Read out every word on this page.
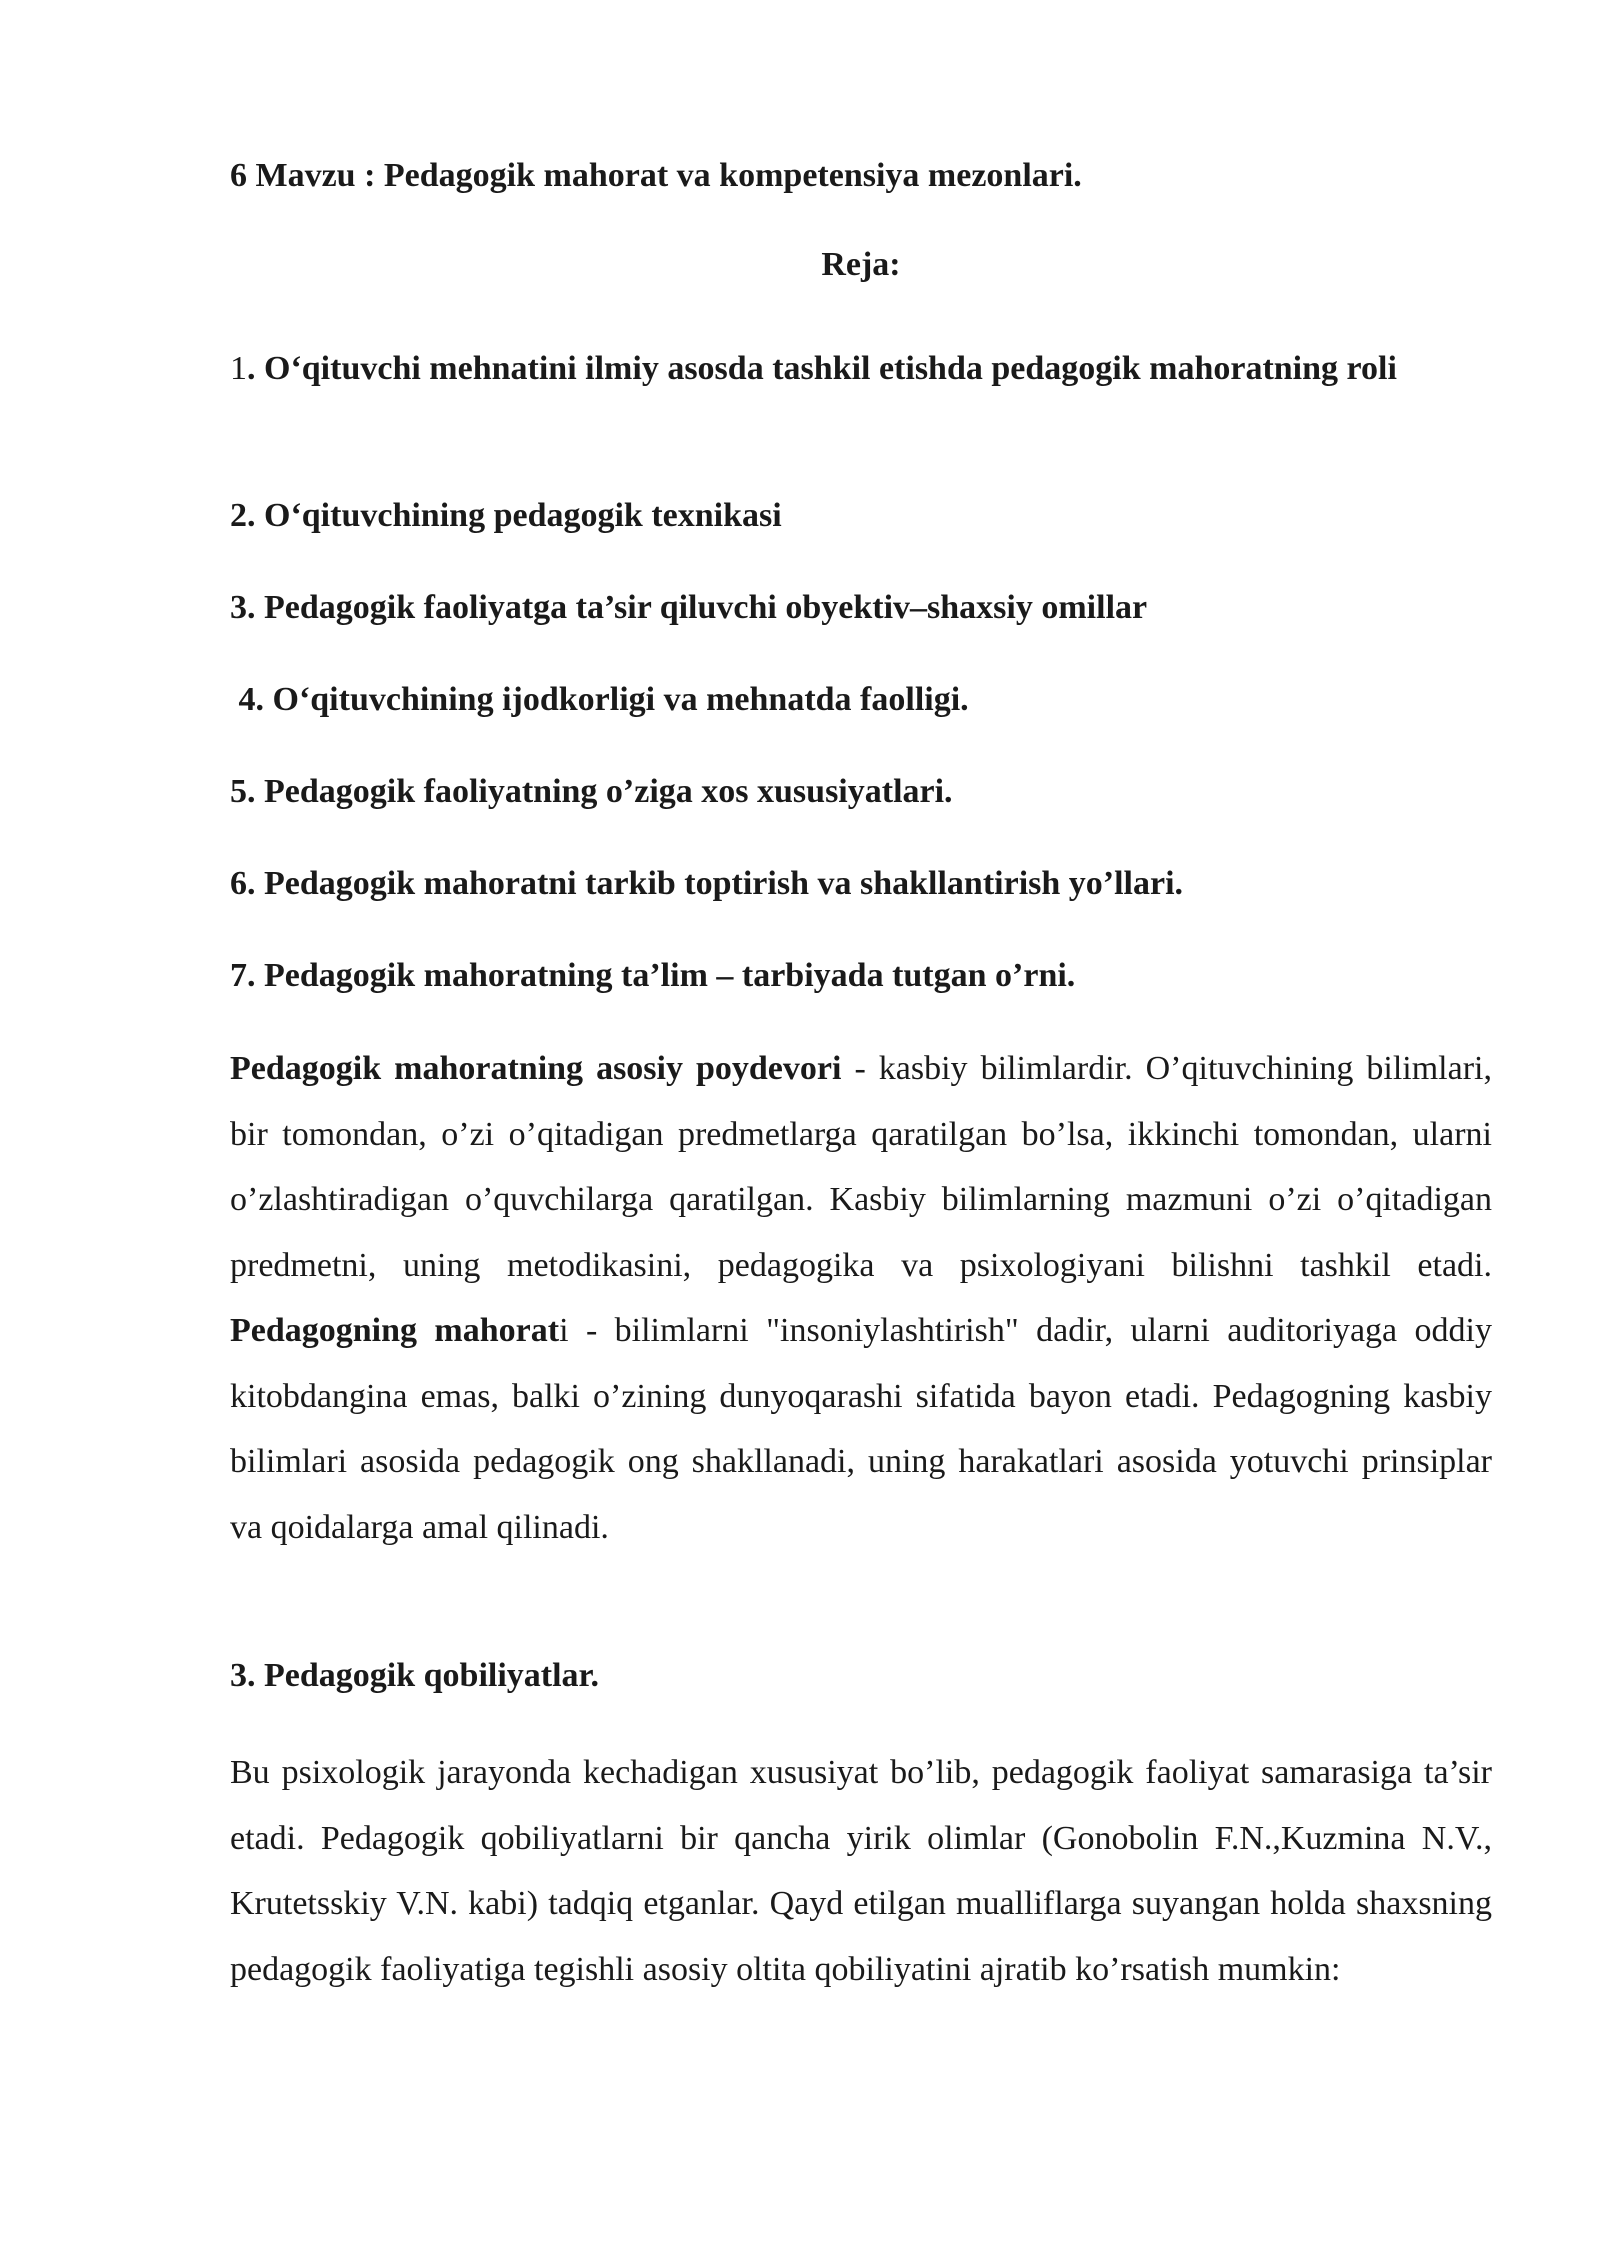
6 Mavzu : Pedagogik mahorat va kompetensiya mezonlari.
Reja:
1. O‘qituvchi mehnatini ilmiy asosda tashkil etishda pedagogik mahoratning roli
2. O‘qituvchining pedagogik texnikasi
3. Pedagogik faoliyatga ta’sir qiluvchi obyektiv–shaxsiy omillar
4. O‘qituvchining ijodkorligi va mehnatda faolligi.
5. Pedagogik faoliyatning o’ziga xos xususiyatlari.
6. Pedagogik mahoratni tarkib toptirish va shakllantirish yo’llari.
7. Pedagogik mahoratning ta’lim – tarbiyada tutgan o’rni.
Pedagogik mahoratning asosiy poydevori - kasbiy bilimlardir. O’qituvchining bilimlari, bir tomondan, o’zi o’qitadigan predmetlarga qaratilgan bo’lsa, ikkinchi tomondan, ularni o’zlashtiradigan o’quvchilarga qaratilgan. Kasbiy bilimlarning mazmuni o’zi o’qitadigan predmetni, uning metodikasini, pedagogika va psixologiyani bilishni tashkil etadi. Pedagogning mahorati - bilimlarni "insoniylashtirish" dadir, ularni auditoriyaga oddiy kitobdangina emas, balki o’zining dunyoqarashi sifatida bayon etadi. Pedagogning kasbiy bilimlari asosida pedagogik ong shakllanadi, uning harakatlari asosida yotuvchi prinsiplar va qoidalarga amal qilinadi.
3. Pedagogik qobiliyatlar.
Bu psixologik jarayonda kechadigan xususiyat bo’lib, pedagogik faoliyat samarasiga ta’sir etadi. Pedagogik qobiliyatlarni bir qancha yirik olimlar (Gonobolin F.N.,Kuzmina N.V., Krutetsskiy V.N. kabi) tadqiq etganlar. Qayd etilgan mualliflarga suyangan holda shaxsning pedagogik faoliyatiga tegishli asosiy oltita qobiliyatini ajratib ko’rsatish mumkin:
